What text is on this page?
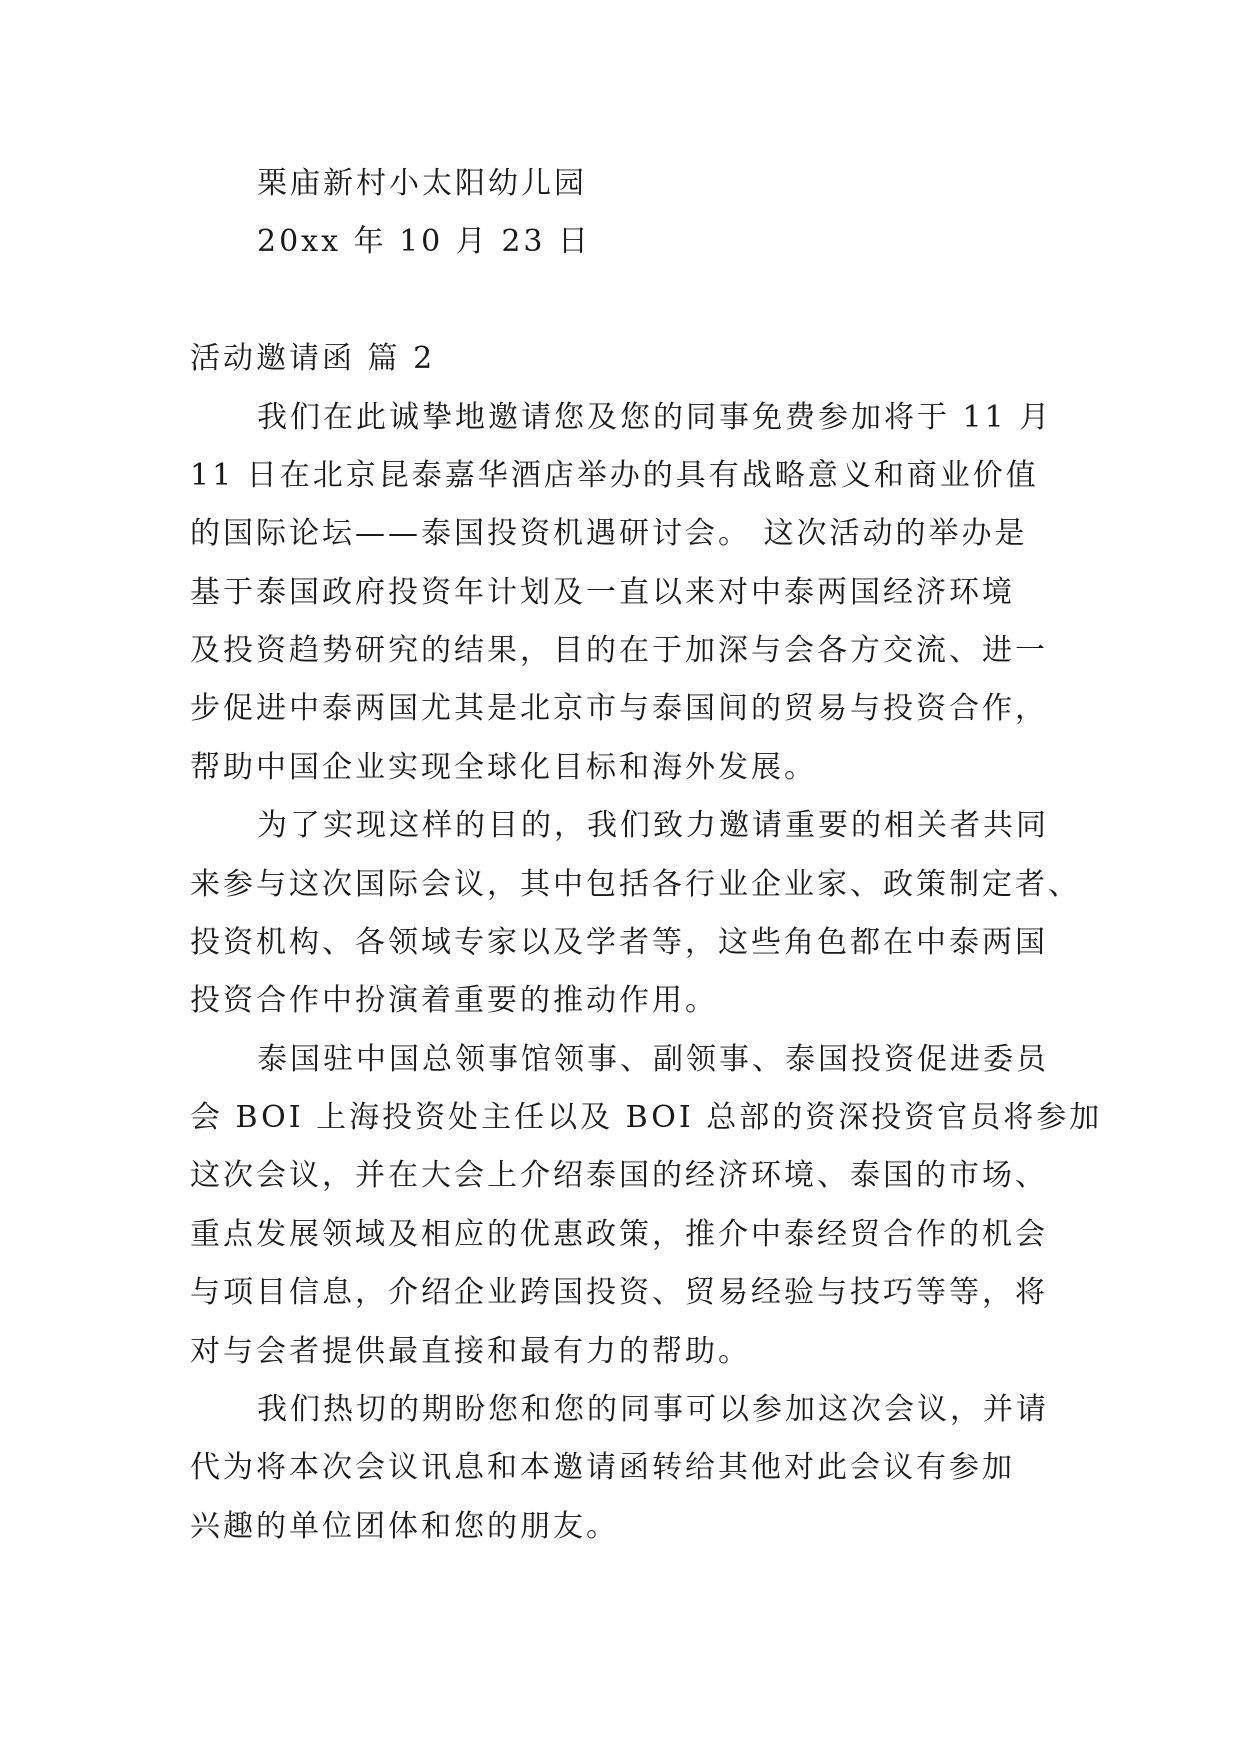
栗庙新村小太阳幼儿园
20xx 年 10 月 23 日
活动邀请函 篇 2
我们在此诚挚地邀请您及您的同事免费参加将于 11 月
11 日在北京昆泰嘉华酒店举办的具有战略意义和商业价值
的国际论坛——泰国投资机遇研讨会。 这次活动的举办是
基于泰国政府投资年计划及一直以来对中泰两国经济环境
及投资趋势研究的结果，目的在于加深与会各方交流、进一
步促进中泰两国尤其是北京市与泰国间的贸易与投资合作，
帮助中国企业实现全球化目标和海外发展。
为了实现这样的目的，我们致力邀请重要的相关者共同
来参与这次国际会议，其中包括各行业企业家、政策制定者、
投资机构、各领域专家以及学者等，这些角色都在中泰两国
投资合作中扮演着重要的推动作用。
泰国驻中国总领事馆领事、副领事、泰国投资促进委员
会 BOI 上海投资处主任以及 BOI 总部的资深投资官员将参加
这次会议，并在大会上介绍泰国的经济环境、泰国的市场、
重点发展领域及相应的优惠政策，推介中泰经贸合作的机会
与项目信息，介绍企业跨国投资、贸易经验与技巧等等，将
对与会者提供最直接和最有力的帮助。
我们热切的期盼您和您的同事可以参加这次会议，并请
代为将本次会议讯息和本邀请函转给其他对此会议有参加
兴趣的单位团体和您的朋友。
